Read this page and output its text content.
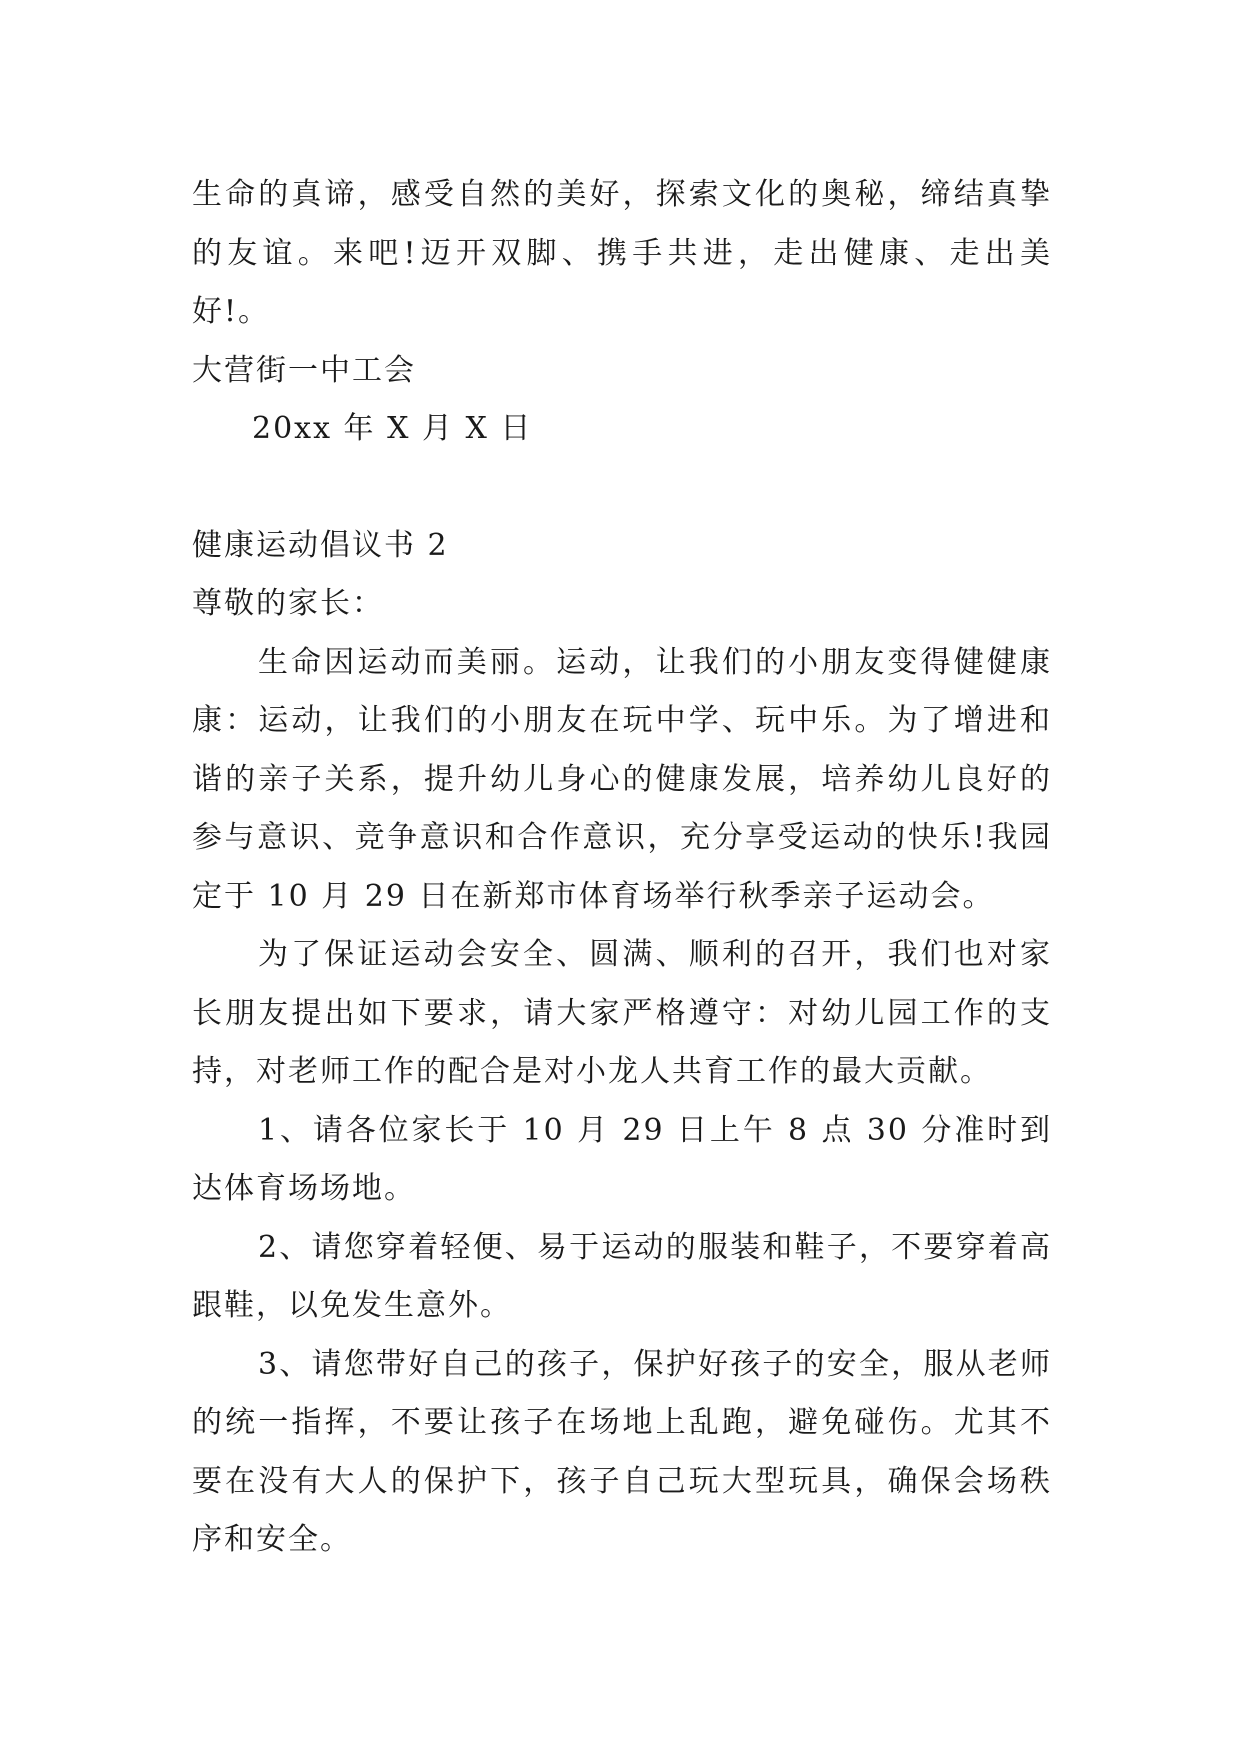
生命的真谛，感受自然的美好，探索文化的奥秘，缔结真挚的友谊。来吧!迈开双脚、携手共进，走出健康、走出美好!。

大营街一中工会

20xx 年 X 月 X 日

健康运动倡议书 2

尊敬的家长：

生命因运动而美丽。运动，让我们的小朋友变得健健康康：运动，让我们的小朋友在玩中学、玩中乐。为了增进和谐的亲子关系，提升幼儿身心的健康发展，培养幼儿良好的参与意识、竞争意识和合作意识，充分享受运动的快乐!我园定于 10 月 29 日在新郑市体育场举行秋季亲子运动会。

为了保证运动会安全、圆满、顺利的召开，我们也对家长朋友提出如下要求，请大家严格遵守：对幼儿园工作的支持，对老师工作的配合是对小龙人共育工作的最大贡献。

1、请各位家长于 10 月 29 日上午 8 点 30 分准时到达体育场场地。

2、请您穿着轻便、易于运动的服装和鞋子，不要穿着高跟鞋，以免发生意外。

3、请您带好自己的孩子，保护好孩子的安全，服从老师的统一指挥，不要让孩子在场地上乱跑，避免碰伤。尤其不要在没有大人的保护下，孩子自己玩大型玩具，确保会场秩序和安全。
